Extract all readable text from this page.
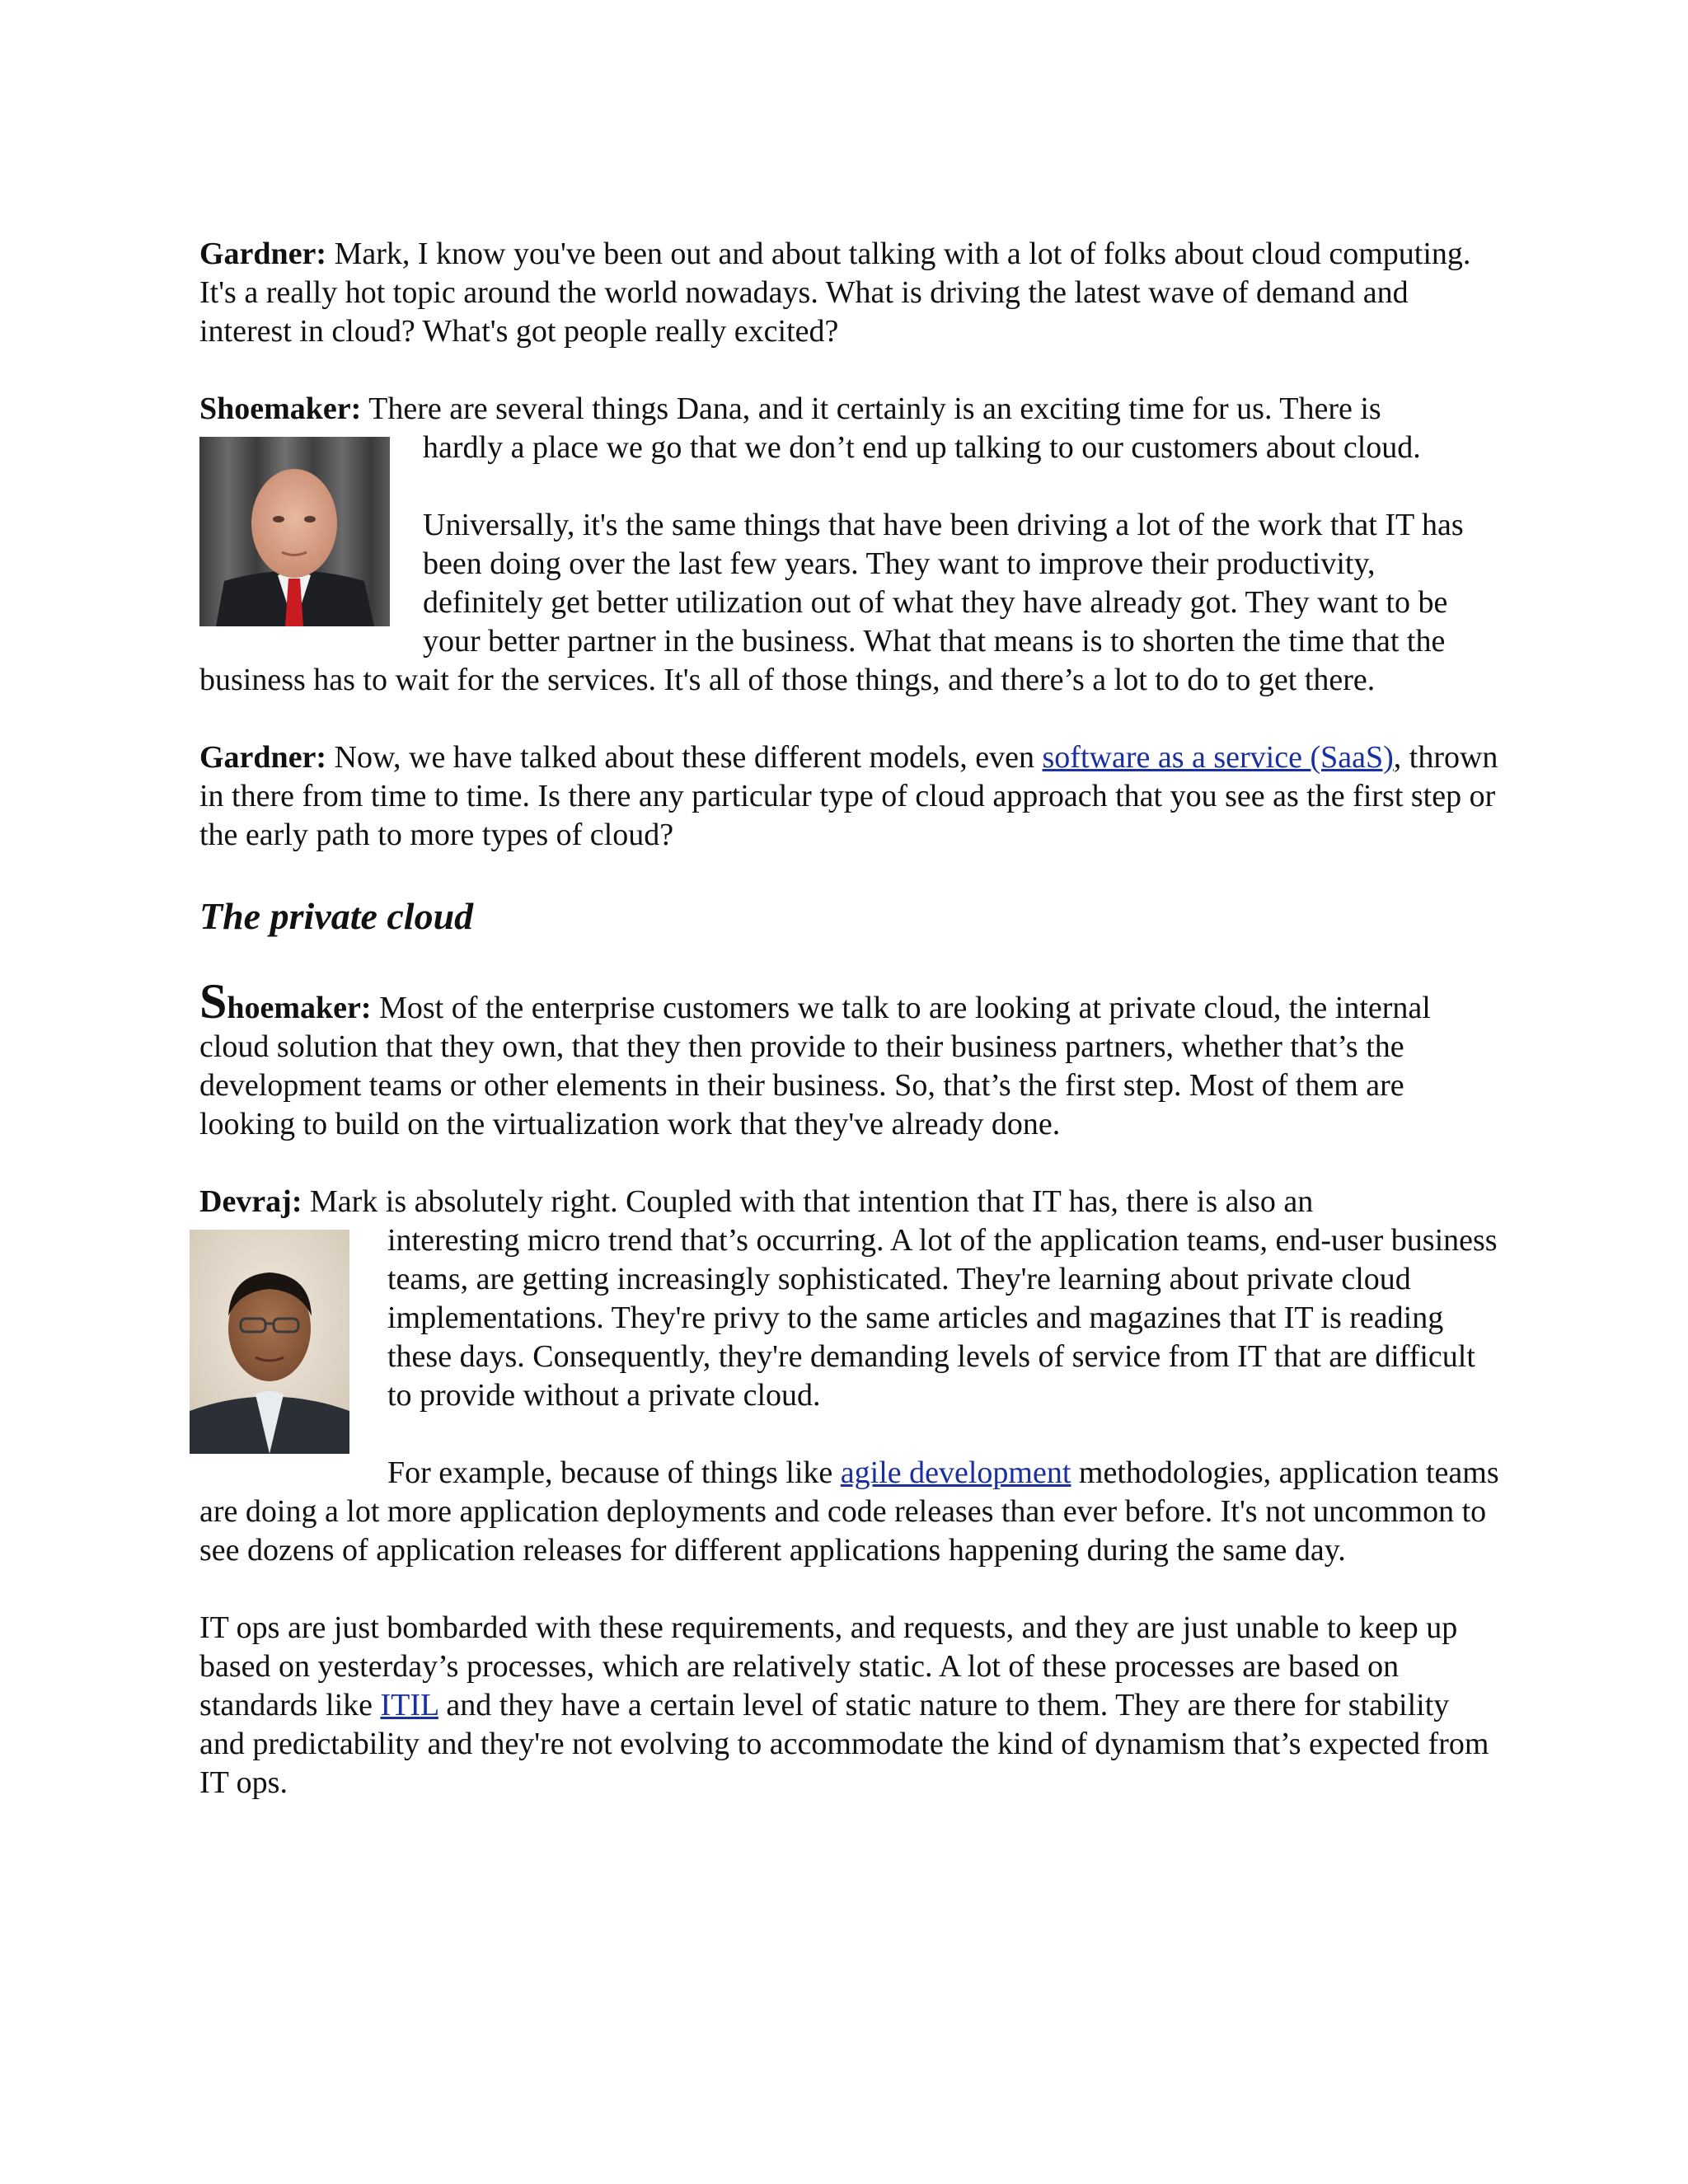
Gardner: Mark, I know you've been out and about talking with a lot of folks about cloud computing. It's a really hot topic around the world nowadays. What is driving the latest wave of demand and interest in cloud? What's got people really excited?

Shoemaker: There are several things Dana, and it certainly is an exciting time for us. There is

hardly a place we go that we don’t end up talking to our customers about cloud.

Universally, it's the same things that have been driving a lot of the work that IT has been doing over the last few years. They want to improve their productivity, definitely get better utilization out of what they have already got. They want to be your better partner in the business. What that means is to shorten the time that the business has to wait for the services. It's all of those things, and there’s a lot to do to get there.

Gardner: Now, we have talked about these different models, even software as a service (SaaS), thrown in there from time to time. Is there any particular type of cloud approach that you see as the first step or the early path to more types of cloud?

The private cloud

Shoemaker: Most of the enterprise customers we talk to are looking at private cloud, the internal cloud solution that they own, that they then provide to their business partners, whether that’s the development teams or other elements in their business. So, that’s the first step. Most of them are looking to build on the virtualization work that they've already done.

Devraj: Mark is absolutely right. Coupled with that intention that IT has, there is also an

interesting micro trend that’s occurring. A lot of the application teams, end-user business teams, are getting increasingly sophisticated. They're learning about private cloud implementations. They're privy to the same articles and magazines that IT is reading these days. Consequently, they're demanding levels of service from IT that are difficult to provide without a private cloud.

For example, because of things like agile development methodologies, application teams are doing a lot more application deployments and code releases than ever before. It's not uncommon to see dozens of application releases for different applications happening during the same day.

IT ops are just bombarded with these requirements, and requests, and they are just unable to keep up based on yesterday’s processes, which are relatively static. A lot of these processes are based on standards like ITIL and they have a certain level of static nature to them. They are there for stability and predictability and they're not evolving to accommodate the kind of dynamism that’s expected from IT ops.
